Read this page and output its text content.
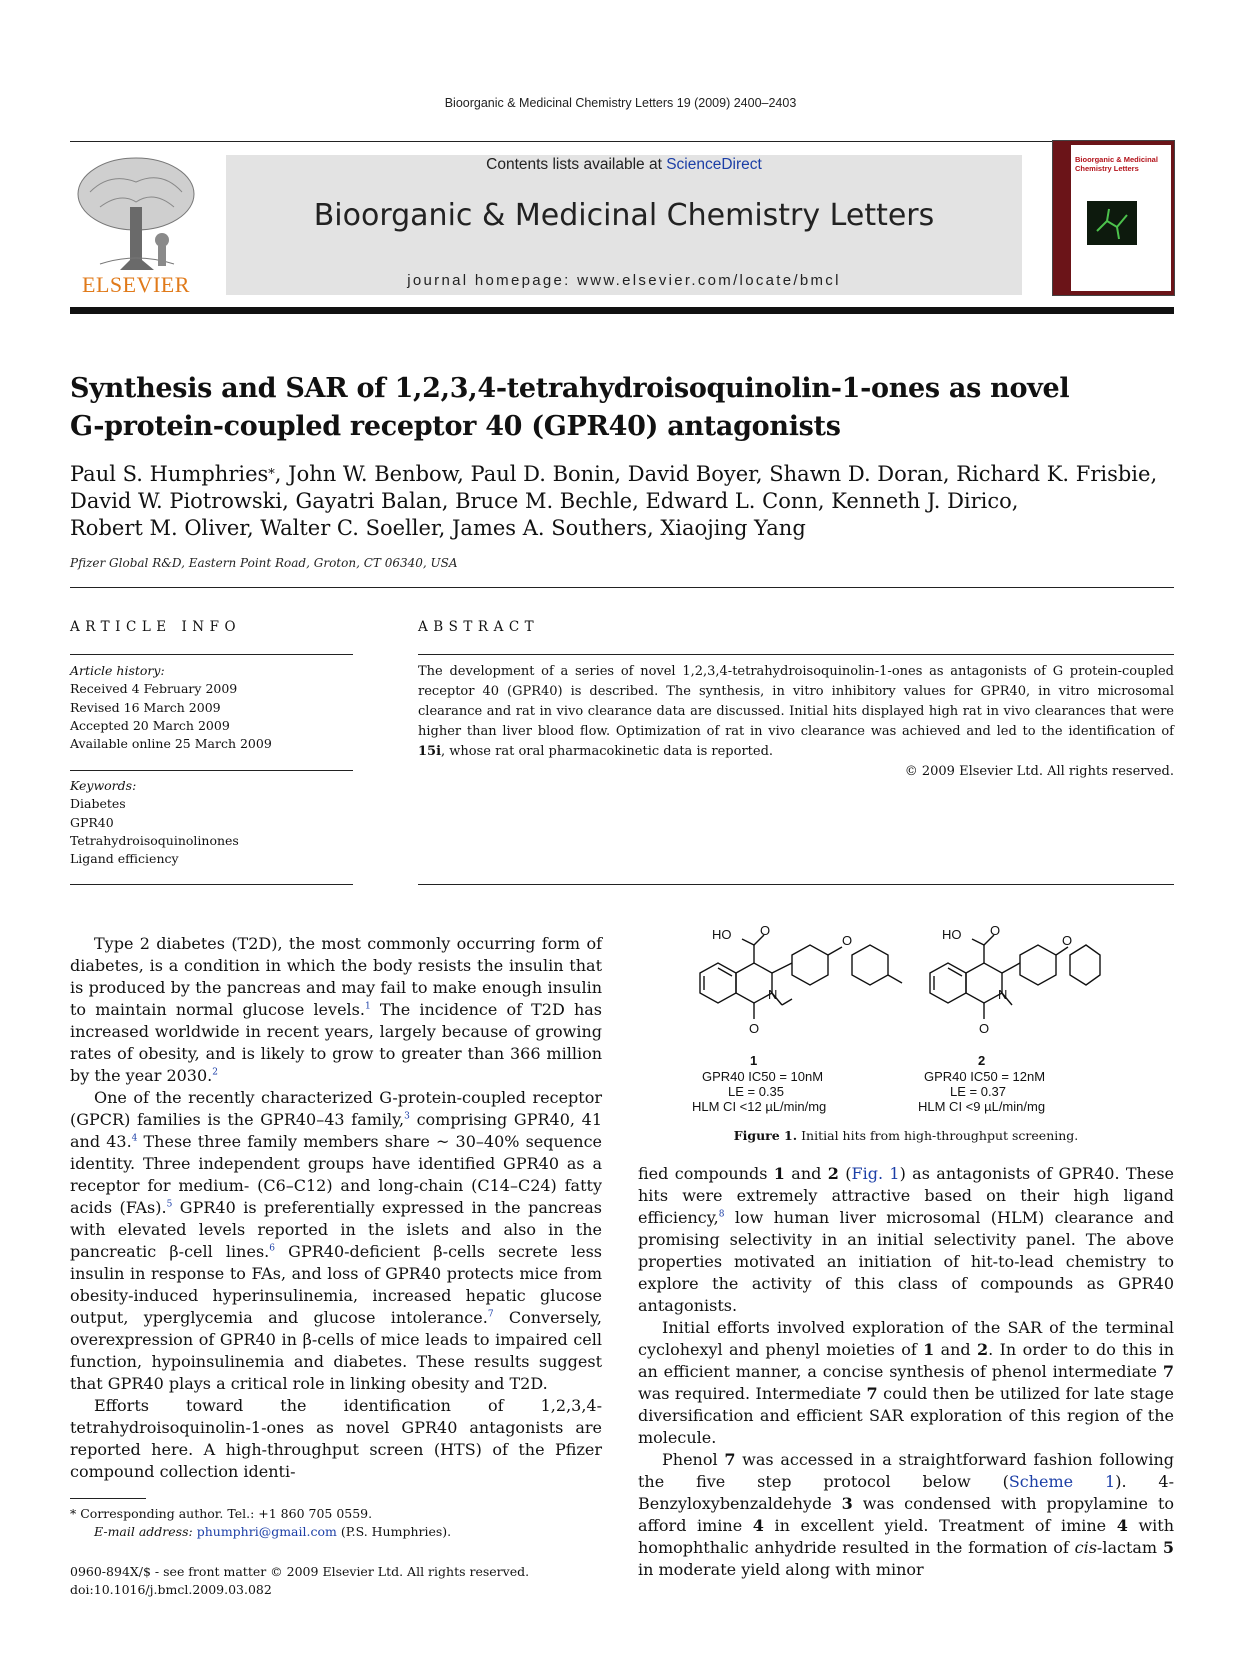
Bioorganic & Medicinal Chemistry Letters 19 (2009) 2400–2403
ELSEVIER
Contents lists available at ScienceDirect
Bioorganic & Medicinal Chemistry Letters
journal homepage: www.elsevier.com/locate/bmcl
Bioorganic & Medicinal Chemistry Letters
Synthesis and SAR of 1,2,3,4-tetrahydroisoquinolin-1-ones as novel
G-protein-coupled receptor 40 (GPR40) antagonists
Paul S. Humphries*, John W. Benbow, Paul D. Bonin, David Boyer, Shawn D. Doran, Richard K. Frisbie,
David W. Piotrowski, Gayatri Balan, Bruce M. Bechle, Edward L. Conn, Kenneth J. Dirico,
Robert M. Oliver, Walter C. Soeller, James A. Southers, Xiaojing Yang
Pfizer Global R&D, Eastern Point Road, Groton, CT 06340, USA
ARTICLE INFO
Article history:
Received 4 February 2009
Revised 16 March 2009
Accepted 20 March 2009
Available online 25 March 2009
Keywords:
Diabetes
GPR40
Tetrahydroisoquinolinones
Ligand efficiency
ABSTRACT
The development of a series of novel 1,2,3,4-tetrahydroisoquinolin-1-ones as antagonists of G protein-coupled receptor 40 (GPR40) is described. The synthesis, in vitro inhibitory values for GPR40, in vitro microsomal clearance and rat in vivo clearance data are discussed. Initial hits displayed high rat in vivo clearances that were higher than liver blood flow. Optimization of rat in vivo clearance was achieved and led to the identification of 15i, whose rat oral pharmacokinetic data is reported.
© 2009 Elsevier Ltd. All rights reserved.

Type 2 diabetes (T2D), the most commonly occurring form of diabetes, is a condition in which the body resists the insulin that is produced by the pancreas and may fail to make enough insulin to maintain normal glucose levels.$^1$ The incidence of T2D has increased worldwide in recent years, largely because of growing rates of obesity, and is likely to grow to greater than 366 million by the year 2030.$^2$

One of the recently characterized G-protein-coupled receptor (GPCR) families is the GPR40–43 family,$^3$ comprising GPR40, 41 and 43.$^4$ These three family members share ~ 30–40% sequence identity. Three independent groups have identified GPR40 as a receptor for medium- (C6–C12) and long-chain (C14–C24) fatty acids (FAs).$^5$ GPR40 is preferentially expressed in the pancreas with elevated levels reported in the islets and also in the pancreatic β-cell lines.$^6$ GPR40-deficient β-cells secrete less insulin in response to FAs, and loss of GPR40 protects mice from obesity-induced hyperinsulinemia, increased hepatic glucose output, yperglycemia and glucose intolerance.$^7$ Conversely, overexpression of GPR40 in β-cells of mice leads to impaired cell function, hypoinsulinemia and diabetes. These results suggest that GPR40 plays a critical role in linking obesity and T2D.

Efforts toward the identification of 1,2,3,4-tetrahydroisoquinolin-1-ones as novel GPR40 antagonists are reported here. A high-throughput screen (HTS) of the Pfizer compound collection identi-

HO O
O
N
O
1
GPR40 IC50 = 10nM
LE = 0.35
HLM CI <12 µL/min/mg
HO O
O
N
O
2
GPR40 IC50 = 12nM
LE = 0.37
HLM CI <9 µL/min/mg
Figure 1. Initial hits from high-throughput screening.

fied compounds 1 and 2 (Fig. 1) as antagonists of GPR40. These hits were extremely attractive based on their high ligand efficiency,$^8$ low human liver microsomal (HLM) clearance and promising selectivity in an initial selectivity panel. The above properties motivated an initiation of hit-to-lead chemistry to explore the activity of this class of compounds as GPR40 antagonists.

Initial efforts involved exploration of the SAR of the terminal cyclohexyl and phenyl moieties of 1 and 2. In order to do this in an efficient manner, a concise synthesis of phenol intermediate 7 was required. Intermediate 7 could then be utilized for late stage diversification and efficient SAR exploration of this region of the molecule.

Phenol 7 was accessed in a straightforward fashion following the five step protocol below (Scheme 1). 4-Benzyloxybenzaldehyde 3 was condensed with propylamine to afford imine 4 in excellent yield. Treatment of imine 4 with homophthalic anhydride resulted in the formation of cis-lactam 5 in moderate yield along with minor

* Corresponding author. Tel.: +1 860 705 0559.
E-mail address: phumphri@gmail.com (P.S. Humphries).
0960-894X/$ - see front matter © 2009 Elsevier Ltd. All rights reserved.
doi:10.1016/j.bmcl.2009.03.082
